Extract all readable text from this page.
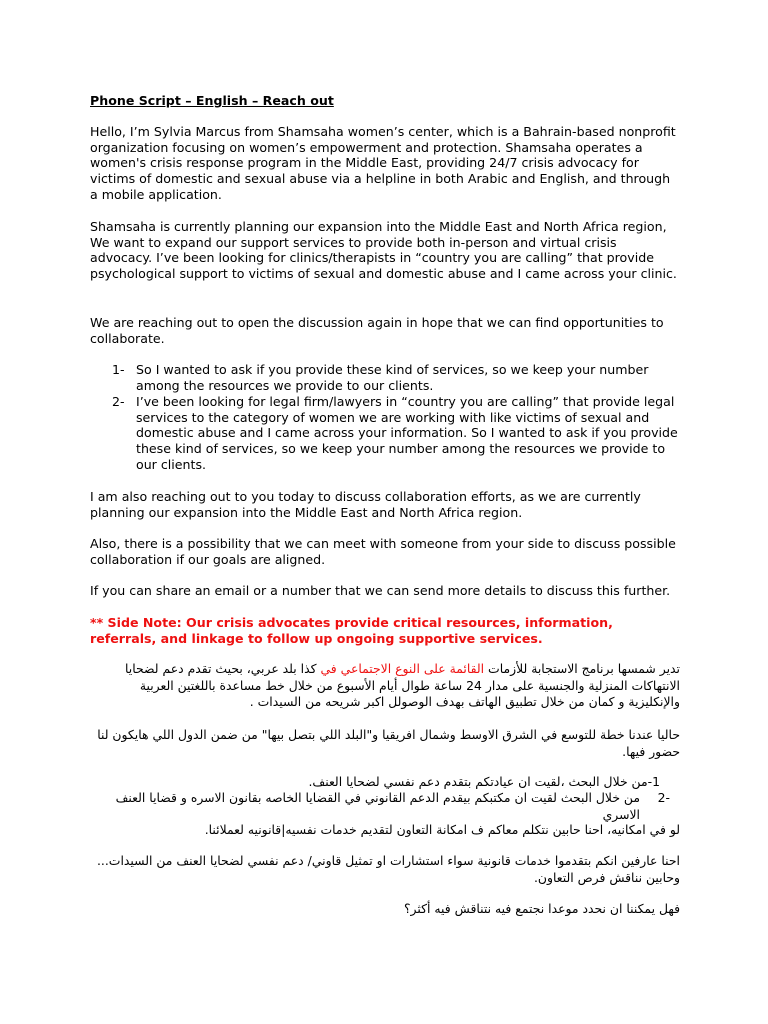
Phone Script – English – Reach out
Hello, I’m Sylvia Marcus from Shamsaha women’s center, which is a Bahrain-based nonprofit organization focusing on women’s empowerment and protection. Shamsaha operates a women's crisis response program in the Middle East, providing 24/7 crisis advocacy for victims of domestic and sexual abuse via a helpline in both Arabic and English, and through a mobile application.
Shamsaha is currently planning our expansion into the Middle East and North Africa region, We want to expand our support services to provide both in-person and virtual crisis advocacy. I’ve been looking for clinics/therapists in “country you are calling” that provide psychological support to victims of sexual and domestic abuse and I came across your clinic.
We are reaching out to open the discussion again in hope that we can find opportunities to collaborate.
1- So I wanted to ask if you provide these kind of services, so we keep your number among the resources we provide to our clients.
2- I’ve been looking for legal firm/lawyers in “country you are calling” that provide legal services to the category of women we are working with like victims of sexual and domestic abuse and I came across your information. So I wanted to ask if you provide these kind of services, so we keep your number among the resources we provide to our clients.
I am also reaching out to you today to discuss collaboration efforts, as we are currently planning our expansion into the Middle East and North Africa region.
Also, there is a possibility that we can meet with someone from your side to discuss possible collaboration if our goals are aligned.
If you can share an email or a number that we can send more details to discuss this further.
** Side Note: Our crisis advocates provide critical resources, information, referrals, and linkage to follow up ongoing supportive services.
تدير شمسها برنامج الاستجابة للأزمات القائمة على النوع الاجتماعي في كذا بلد عربي، بحيث تقدم دعم لضحايا الانتهاكات المنزلية والجنسية على مدار 24 ساعة طوال أيام الأسبوع من خلال خط مساعدة باللغتين العربية والإنكليزية و كمان من خلال تطبيق الهاتف بهدف الوصولل اكبر شريحه من السيدات .
حاليا عندنا خطة للتوسع في الشرق الاوسط وشمال افريقيا و"البلد اللي بتصل بيها" من ضمن الدول اللي هايكون لنا حضور فيها.
1-من خلال البحث ،لقيت ان عيادتكم بتقدم دعم نفسي لضحايا العنف.
-2
من خلال البحث لقيت ان مكتبكم بيقدم الدعم القانوني في القضايا الخاصه بقانون الاسره و قضايا العنف الاسري
لو في امكانيه، احنا حابين نتكلم معاكم ف امكانة التعاون لتقديم خدمات نفسيه|قانونيه لعملائنا.
احنا عارفين انكم بتقدموا خدمات قانونية سواء استشارات او تمثيل قاوني/ دعم نفسي لضحايا العنف من السيدات... وحابين نناقش فرص التعاون.
فهل يمكننا ان نحدد موعدا نجتمع فيه نتناقش فيه أكثر؟
